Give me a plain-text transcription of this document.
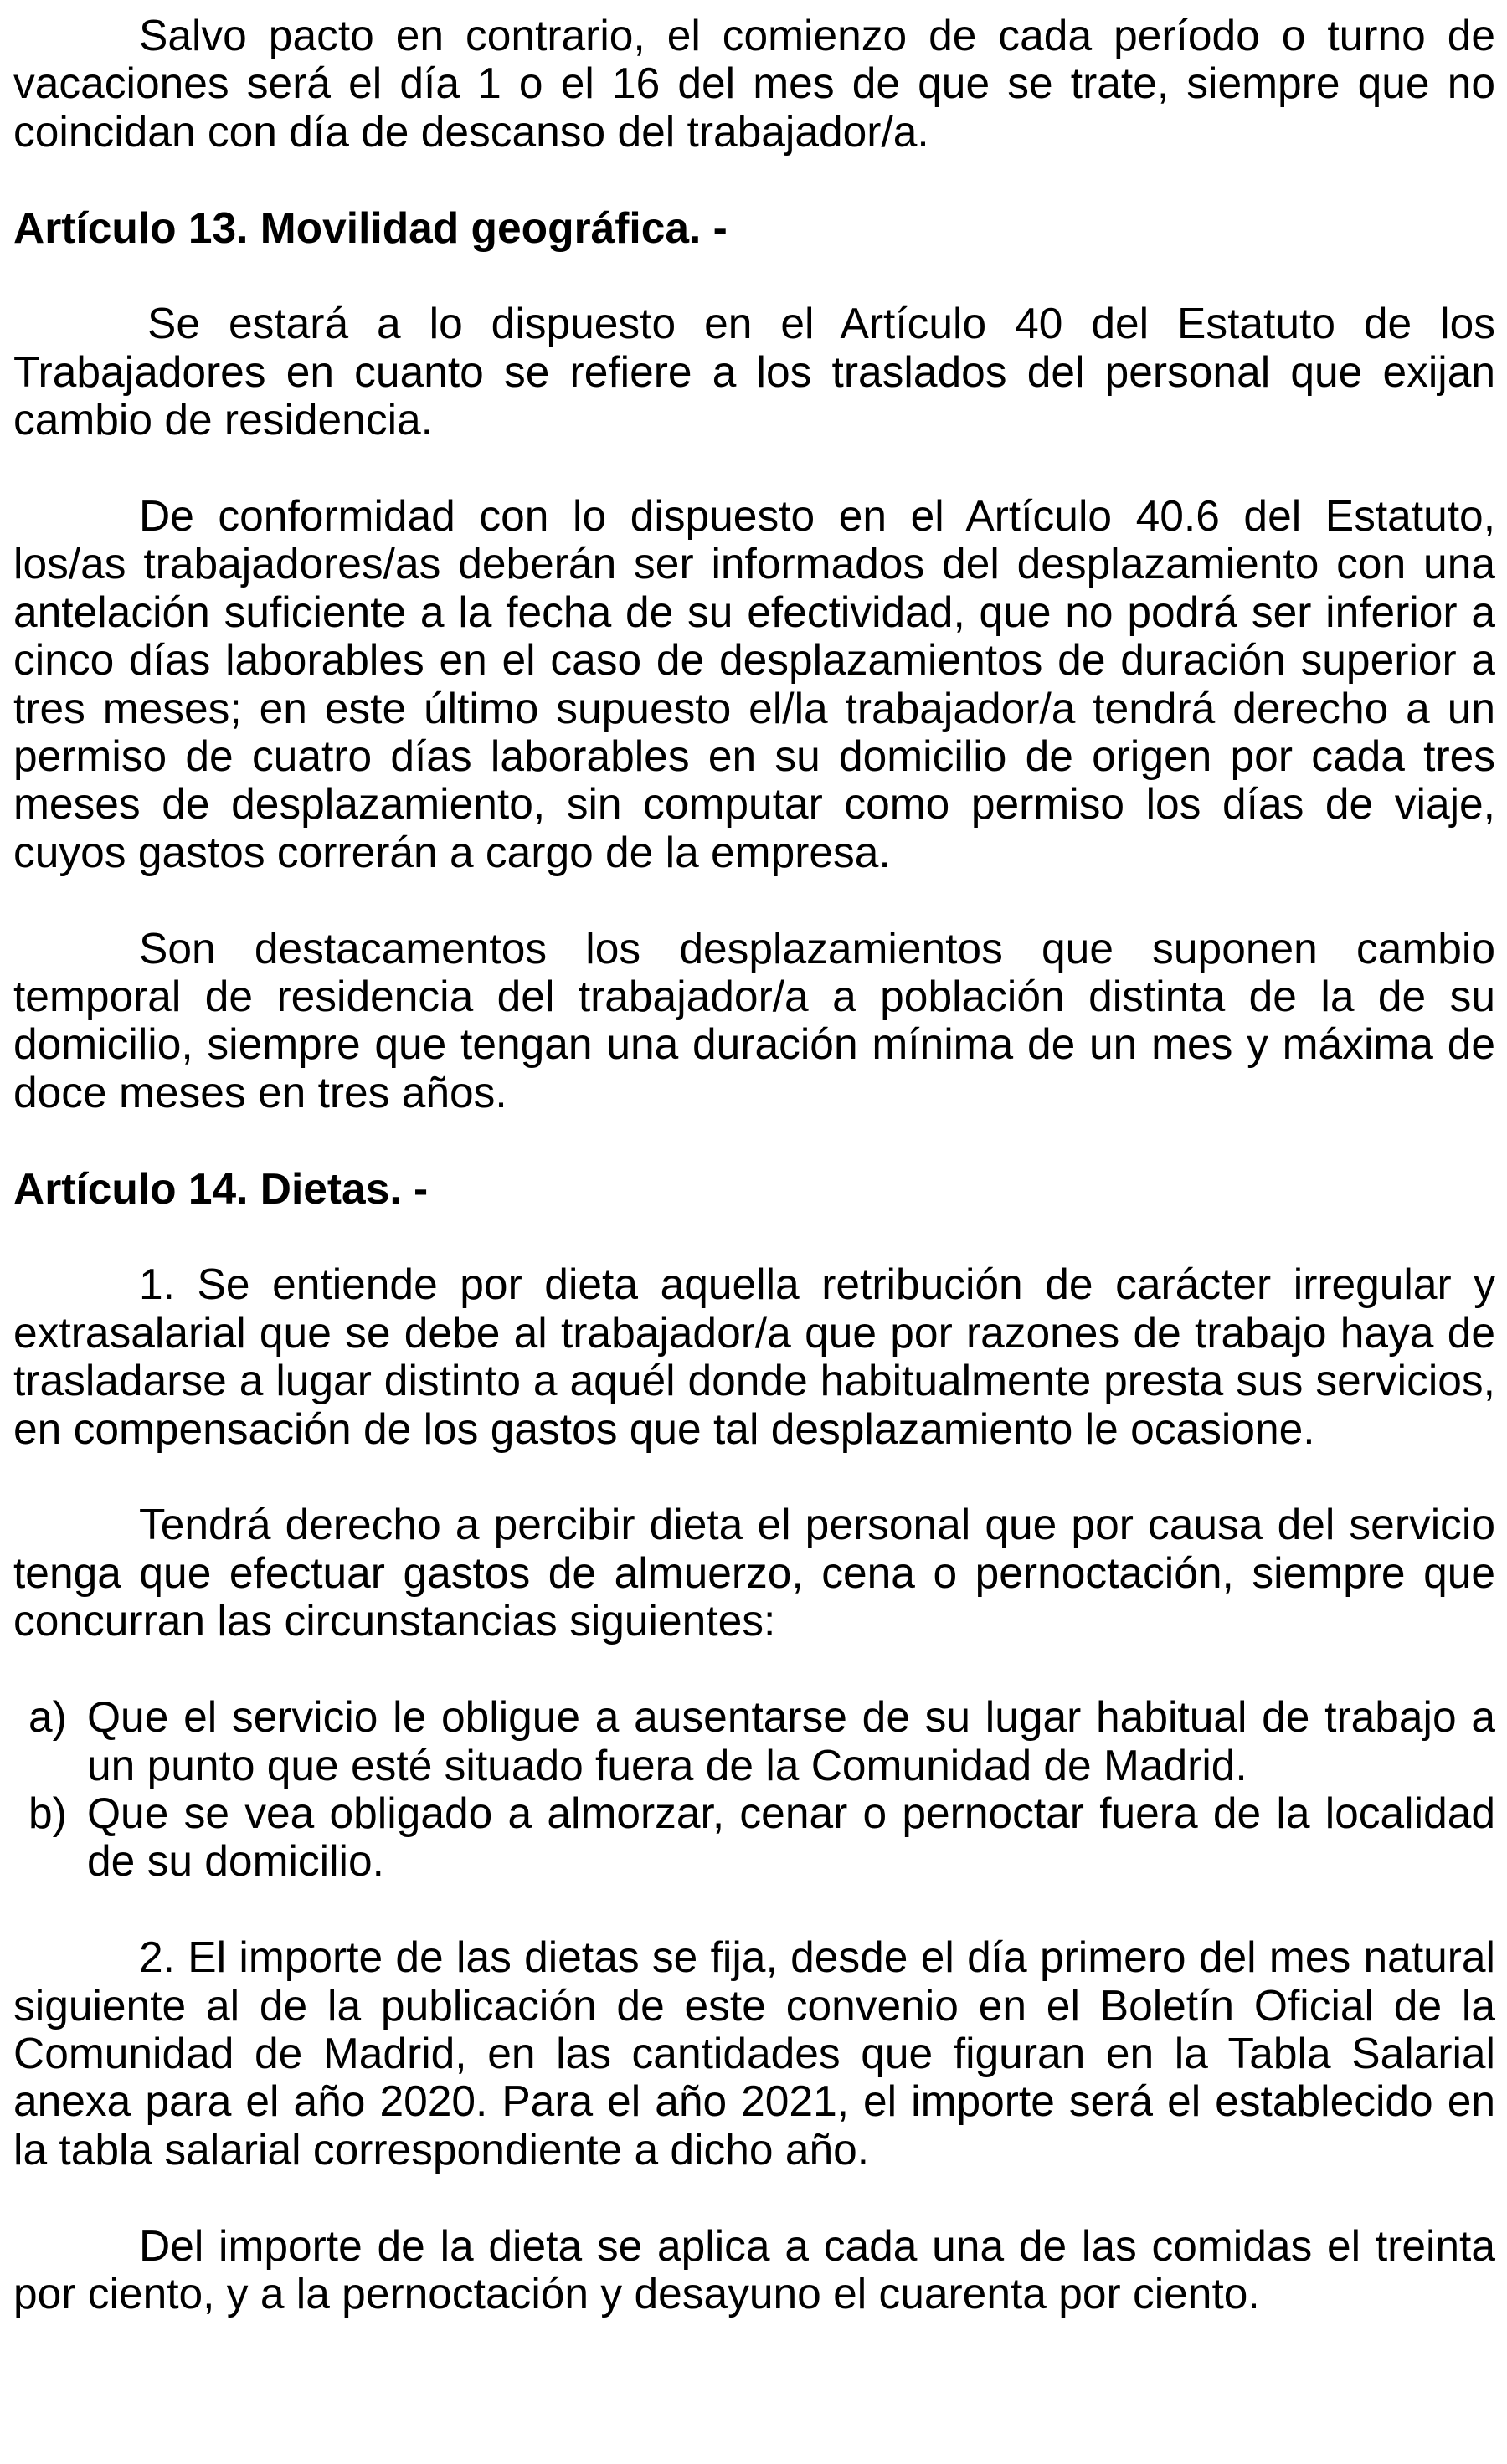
Salvo pacto en contrario, el comienzo de cada período o turno de vacaciones será el día 1 o el 16 del mes de que se trate, siempre que no coincidan con día de descanso del trabajador/a.

Artículo 13. Movilidad geográfica. -

Se estará a lo dispuesto en el Artículo 40 del Estatuto de los Trabajadores en cuanto se refiere a los traslados del personal que exijan cambio de residencia.

De conformidad con lo dispuesto en el Artículo 40.6 del Estatuto, los/as trabajadores/as deberán ser informados del desplazamiento con una antelación suficiente a la fecha de su efectividad, que no podrá ser inferior a cinco días laborables en el caso de desplazamientos de duración superior a tres meses; en este último supuesto el/la trabajador/a tendrá derecho a un permiso de cuatro días laborables en su domicilio de origen por cada tres meses de desplazamiento, sin computar como permiso los días de viaje, cuyos gastos correrán a cargo de la empresa.

Son destacamentos los desplazamientos que suponen cambio temporal de residencia del trabajador/a a población distinta de la de su domicilio, siempre que tengan una duración mínima de un mes y máxima de doce meses en tres años.

Artículo 14. Dietas. -

1. Se entiende por dieta aquella retribución de carácter irregular y extrasalarial que se debe al trabajador/a que por razones de trabajo haya de trasladarse a lugar distinto a aquél donde habitualmente presta sus servicios, en compensación de los gastos que tal desplazamiento le ocasione.

Tendrá derecho a percibir dieta el personal que por causa del servicio tenga que efectuar gastos de almuerzo, cena o pernoctación, siempre que concurran las circunstancias siguientes:

a) Que el servicio le obligue a ausentarse de su lugar habitual de trabajo a un punto que esté situado fuera de la Comunidad de Madrid.
b) Que se vea obligado a almorzar, cenar o pernoctar fuera de la localidad de su domicilio.

2. El importe de las dietas se fija, desde el día primero del mes natural siguiente al de la publicación de este convenio en el Boletín Oficial de la Comunidad de Madrid, en las cantidades que figuran en la Tabla Salarial anexa para el año 2020. Para el año 2021, el importe será el establecido en la tabla salarial correspondiente a dicho año.

Del importe de la dieta se aplica a cada una de las comidas el treinta por ciento, y a la pernoctación y desayuno el cuarenta por ciento.
